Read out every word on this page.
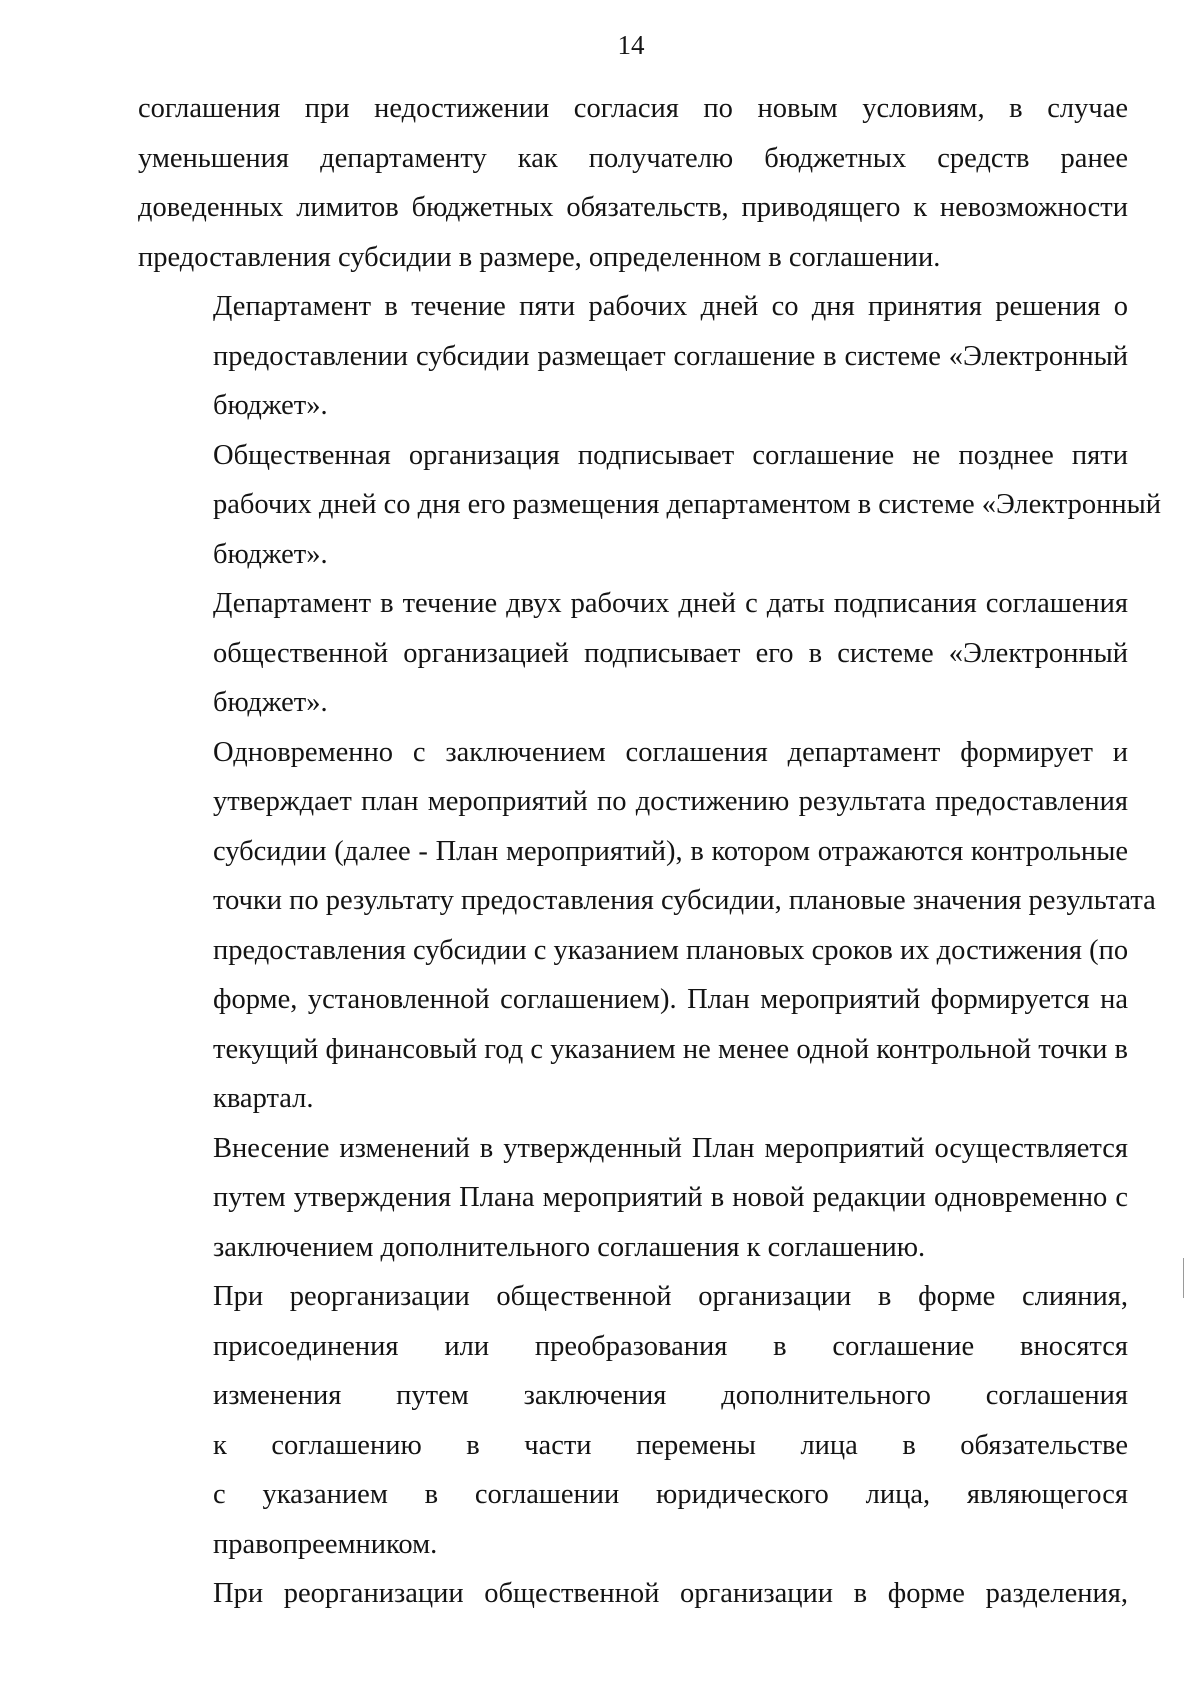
14

соглашения при недостижении согласия по новым условиям, в случае
уменьшения департаменту как получателю бюджетных средств ранее
доведенных лимитов бюджетных обязательств, приводящего к невозможности
предоставления субсидии в размере, определенном в соглашении.

Департамент в течение пяти рабочих дней со дня принятия решения о
предоставлении субсидии размещает соглашение в системе «Электронный
бюджет».

Общественная организация подписывает соглашение не позднее пяти
рабочих дней со дня его размещения департаментом в системе «Электронный
бюджет».

Департамент в течение двух рабочих дней с даты подписания соглашения
общественной организацией подписывает его в системе «Электронный
бюджет».

Одновременно с заключением соглашения департамент формирует и
утверждает план мероприятий по достижению результата предоставления
субсидии (далее - План мероприятий), в котором отражаются контрольные
точки по результату предоставления субсидии, плановые значения результата
предоставления субсидии с указанием плановых сроков их достижения (по
форме, установленной соглашением). План мероприятий формируется на
текущий финансовый год с указанием не менее одной контрольной точки в
квартал.

Внесение изменений в утвержденный План мероприятий осуществляется
путем утверждения Плана мероприятий в новой редакции одновременно с
заключением дополнительного соглашения к соглашению.

При реорганизации общественной организации в форме слияния,
присоединения или преобразования в соглашение вносятся
изменения путем заключения дополнительного соглашения
к соглашению в части перемены лица в обязательстве
с указанием в соглашении юридического лица, являющегося
правопреемником.

При реорганизации общественной организации в форме разделения,
